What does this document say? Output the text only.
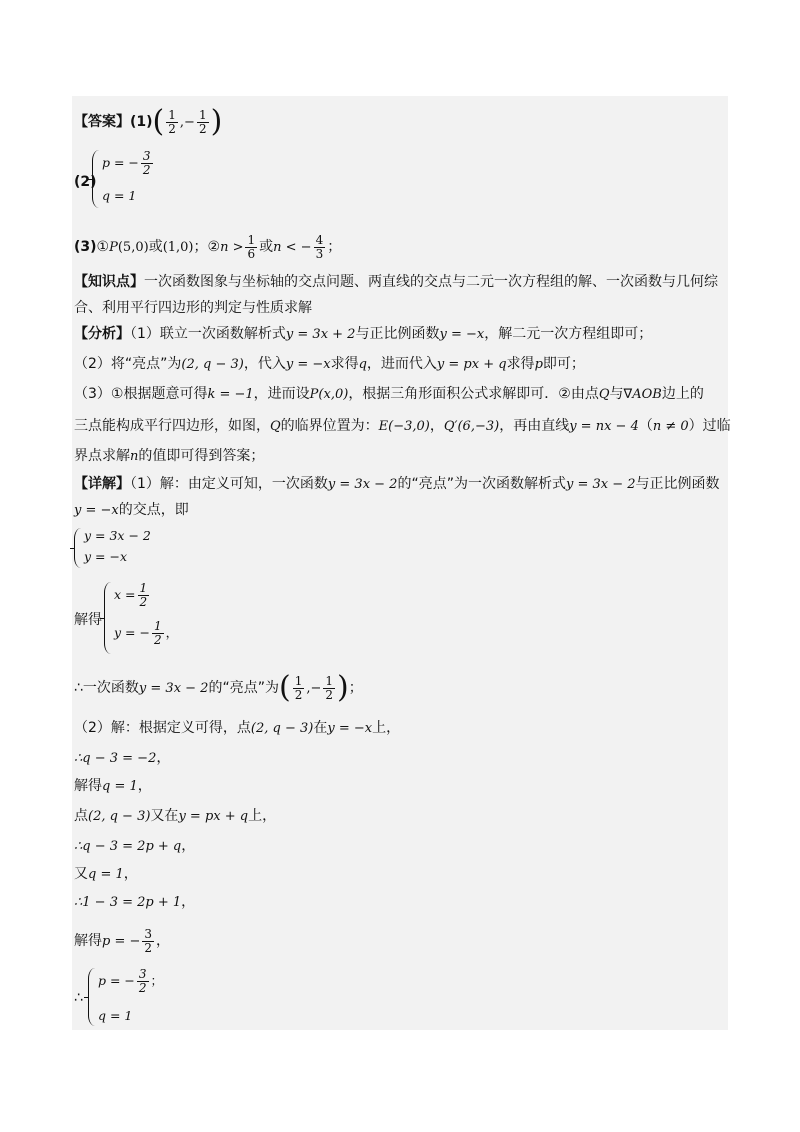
【答案】$(1)( \frac{1}{2}$ ,− $\frac{1}{2}$ )
(2)
p = − $\frac{3}{2}$
q = 1
(3)①P(5,0)或(1,0)；②n > $\frac{1}{6}$ 或n < − $\frac{4}{3}$ ；
【知识点】一次函数图象与坐标轴的交点问题、两直线的交点与二元一次方程组的解、一次函数与几何综
合、利用平行四边形的判定与性质求解
【分析】（1）联立一次函数解析式y = 3x + 2与正比例函数y = −x，解二元一次方程组即可；
（2）将“亮点”为(2, q − 3)，代入y = −x求得q，进而代入y = px + q求得p即可；
（3）①根据题意可得k = −1，进而设P(x,0)，根据三角形面积公式求解即可．②由点Q与∇AOB边上的
三点能构成平行四边形，如图，Q的临界位置为：E(−3,0)，Q′(6,−3)，再由直线y = nx − 4（n ≠ 0）过临
界点求解n的值即可得到答案；
【详解】（1）解：由定义可知，一次函数y = 3x − 2的“亮点”为一次函数解析式y = 3x − 2与正比例函数
y = −x的交点，即
y = 3x − 2
y = −x
解得
$x = \frac{1}{2}$
y = − $\frac{1}{2}$ ，
∴一次函数y = 3x − 2的“亮点”为( $\frac{1}{2}$ ,− $\frac{1}{2}$ )；
（2）解：根据定义可得，点(2, q − 3)在y = −x上，
∴q − 3 = −2，
解得q = 1，
点(2, q − 3)又在y = px + q上，
∴q − 3 = 2p + q，
又q = 1，
∴1 − 3 = 2p + 1，
解得p = − $\frac{3}{2}$ ，
∴
p = − $\frac{3}{2}$ ；
q = 1
